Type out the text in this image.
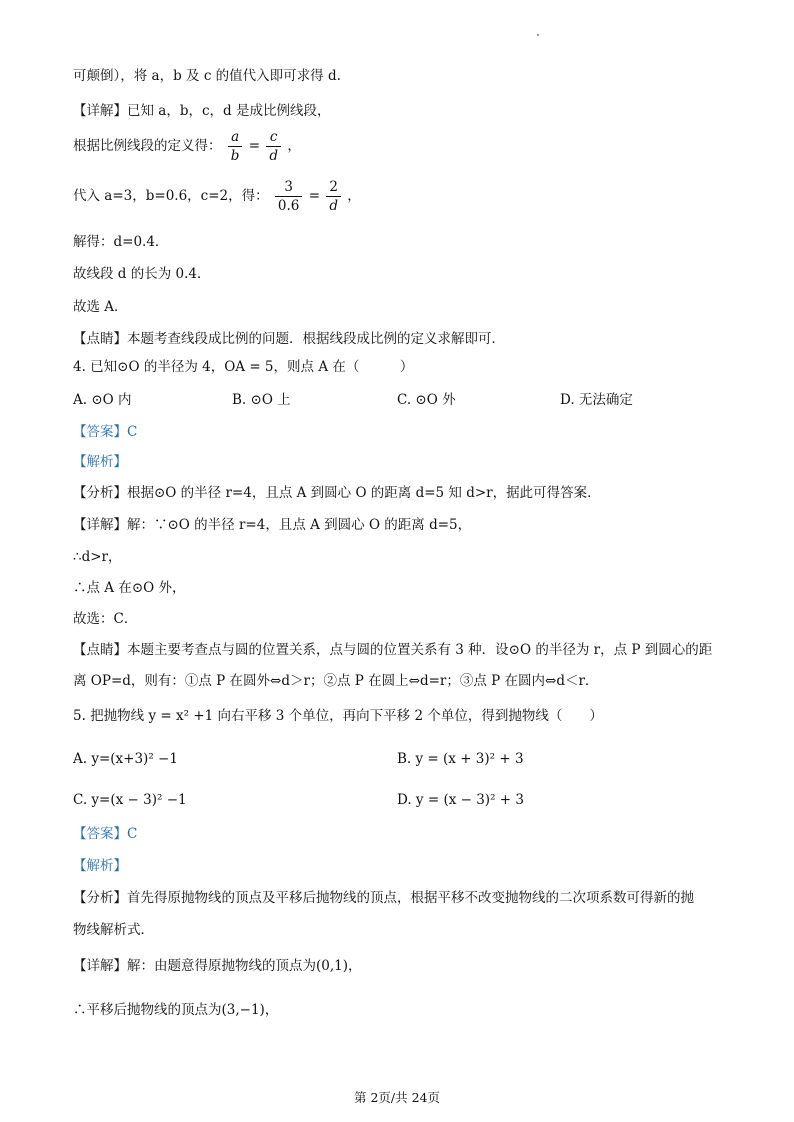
可颠倒），将 a，b 及 c 的值代入即可求得 d.
【详解】已知 a，b，c，d 是成比例线段，
根据比例线段的定义得： $\frac{a}{b} = \frac{c}{d}$ ，
代入 a=3，b=0.6，c=2，得： $\frac{3}{0.6} = \frac{2}{d}$ ，
解得：d=0.4．
故线段 d 的长为 0.4．
故选 A．
【点睛】本题考查线段成比例的问题．根据线段成比例的定义求解即可．
4. 已知⊙O 的半径为 4，OA = 5，则点 A 在（　　　）
A. ⊙O 内	B. ⊙O 上	C. ⊙O 外	D. 无法确定
【答案】C
【解析】
【分析】根据⊙O 的半径 r=4，且点 A 到圆心 O 的距离 d=5 知 d>r，据此可得答案．
【详解】解：∵⊙O 的半径 r=4，且点 A 到圆心 O 的距离 d=5，
∴d>r，
∴点 A 在⊙O 外，
故选：C．
【点睛】本题主要考查点与圆的位置关系，点与圆的位置关系有 3 种．设⊙O 的半径为 r，点 P 到圆心的距
离 OP=d，则有：①点 P 在圆外⇔d＞r；②点 P 在圆上⇔d=r；③点 P 在圆内⇔d＜r．
5. 把抛物线 y = x² +1 向右平移 3 个单位，再向下平移 2 个单位，得到抛物线（　　）
A. y=(x+3)² −1	B. y = (x + 3)² + 3
C. y=(x − 3)² −1	D. y = (x − 3)² + 3
【答案】C
【解析】
【分析】首先得原抛物线的顶点及平移后抛物线的顶点，根据平移不改变抛物线的二次项系数可得新的抛
物线解析式．
【详解】解：由题意得原抛物线的顶点为(0,1)，
∴平移后抛物线的顶点为(3,−1)，
第 2页/共 24页
